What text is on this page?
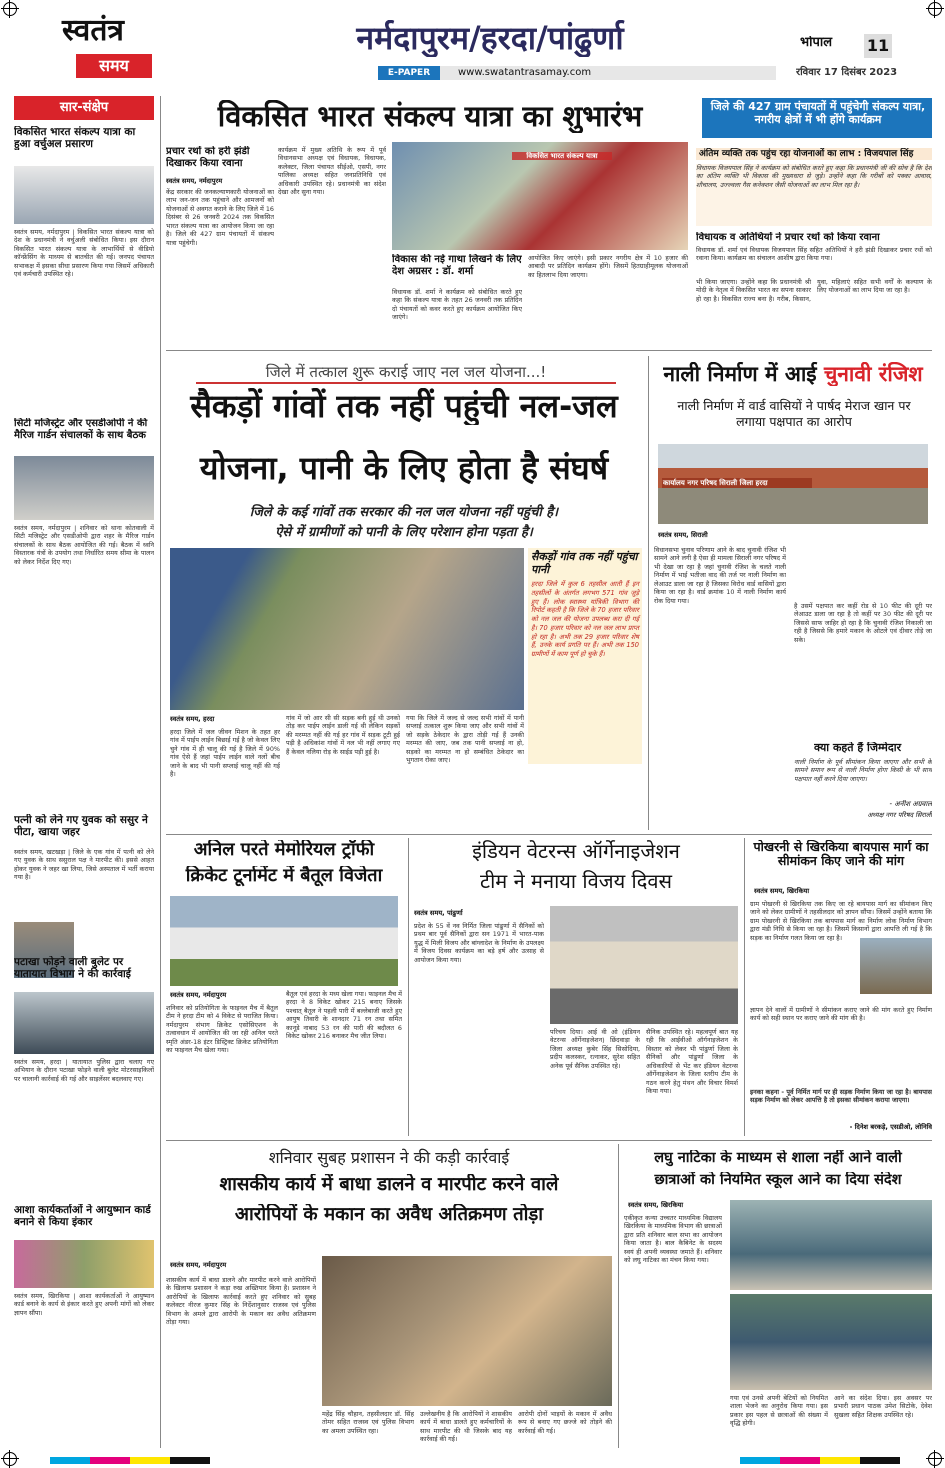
स्वतंत्र
समय
नर्मदापुरम/हरदा/पांढुर्णा
E-PAPER	www.swatantrasamay.com
भोपाल	11
रविवार 17 दिसंबर 2023
सार-संक्षेप
विकसित भारत संकल्प यात्रा का हुआ वर्चुअल प्रसारण
स्वतंत्र समय, नर्मदापुरम | विकसित भारत संकल्प यात्रा को देश के प्रधानमंत्री ने वर्चुअली संबोधित किया। इस दौरान विकसित भारत संकल्प यात्रा के लाभार्थियों से वीडियो कॉन्फ्रेंसिंग के माध्यम से बातचीत की गई। जनपद पंचायत सभाकक्ष में इसका सीधा प्रसारण किया गया जिसमें अधिकारी एवं कर्मचारी उपस्थित रहे।
सिटी मजिस्ट्रेट और एसडीओपी ने की मैरिज गार्डन संचालकों के साथ बैठक
स्वतंत्र समय, नर्मदापुरम | शनिवार को थाना कोतवाली में सिटी मजिस्ट्रेट और एसडीओपी द्वारा शहर के मैरिज गार्डन संचालकों के साथ बैठक आयोजित की गई। बैठक में ध्वनि विस्तारक यंत्रों के उपयोग तथा निर्धारित समय सीमा के पालन को लेकर निर्देश दिए गए।
पत्नी को लेने गए युवक को ससुर ने पीटा, खाया जहर
स्वतंत्र समय, खटखड़ा | जिले के एक गांव में पत्नी को लेने गए युवक के साथ ससुराल पक्ष ने मारपीट की। इससे आहत होकर युवक ने जहर खा लिया, जिसे अस्पताल में भर्ती कराया गया है।
पटाखा फोड़ने वाली बुलेट पर यातायात विभाग ने की कार्रवाई
स्वतंत्र समय, हरदा | यातायात पुलिस द्वारा चलाए गए अभियान के दौरान पटाखा फोड़ने वाली बुलेट मोटरसाइकिलों पर चालानी कार्रवाई की गई और साइलेंसर बदलवाए गए।
आशा कार्यकर्ताओं ने आयुष्मान कार्ड बनाने से किया इंकार
स्वतंत्र समय, खिरकिया | आशा कार्यकर्ताओं ने आयुष्मान कार्ड बनाने के कार्य से इंकार करते हुए अपनी मांगों को लेकर ज्ञापन सौंपा।
विकसित भारत संकल्प यात्रा का शुभारंभ	जिले की 427 ग्राम पंचायतों में पहुंचेगी संकल्प यात्रा, नगरीय क्षेत्रों में भी होंगे कार्यक्रम
प्रचार रथों को हरी झंडी दिखाकर किया रवाना
स्वतंत्र समय, नर्मदापुरम
केंद्र सरकार की जनकल्याणकारी योजनाओं का लाभ जन-जन तक पहुंचाने और आमजनों को योजनाओं से अवगत कराने के लिए जिले में 16 दिसंबर से 26 जनवरी 2024 तक विकसित भारत संकल्प यात्रा का आयोजन किया जा रहा है। जिले की 427 ग्राम पंचायतों में संकल्प यात्रा पहुंचेगी।
कार्यक्रम में मुख्य अतिथि के रूप में पूर्व विधानसभा अध्यक्ष एवं विधायक, विधायक, कलेक्टर, जिला पंचायत सीईओ, एसपी, नगर पालिका अध्यक्ष सहित जनप्रतिनिधि एवं अधिकारी उपस्थित रहे। प्रधानमंत्री का संदेश देखा और सुना गया।
विकसित भारत संकल्प यात्रा
विकास की नई गाथा लिखने के लिए देश अग्रसर : डॉ. शर्मा
विधायक डॉ. शर्मा ने कार्यक्रम को संबोधित करते हुए कहा कि संकल्प यात्रा के तहत 26 जनवरी तक प्रतिदिन दो पंचायतों को कवर करते हुए कार्यक्रम आयोजित किए जाएंगे।
आयोजित किए जाएंगे। इसी प्रकार नगरीय क्षेत्र में 10 हजार की आबादी पर प्रतिदिन कार्यक्रम होंगे। जिसमें हितग्राहीमूलक योजनाओं का हितलाभ दिया जाएगा।
अंतिम व्यक्ति तक पहुंच रहा योजनाओं का लाभ : विजयपाल सिंह
विधायक विजयपाल सिंह ने कार्यक्रम को संबोधित करते हुए कहा कि प्रधानमंत्री जी की सोच है कि देश का अंतिम व्यक्ति भी विकास की मुख्यधारा से जुड़े। उन्होंने कहा कि गरीबों को पक्का आवास, शौचालय, उज्ज्वला गैस कनेक्शन जैसी योजनाओं का लाभ मिल रहा है।
विधायक व अतिथियों ने प्रचार रथों को किया रवाना
विधायक डॉ. शर्मा एवं विधायक विजयपाल सिंह सहित अतिथियों ने हरी झंडी दिखाकर प्रचार रथों को रवाना किया। कार्यक्रम का संचालन आशीष द्वारा किया गया।
भी किया जाएगा। उन्होंने कहा कि प्रधानमंत्री श्री मोदी के नेतृत्व में विकसित भारत का सपना साकार हो रहा है। विकसित राज्य बना है। गरीब, किसान, युवा, महिलाएं सहित सभी वर्गों के कल्याण के लिए योजनाओं का लाभ दिया जा रहा है।
जिले में तत्काल शुरू कराई जाए नल जल योजना...!
सैकड़ों गांवों तक नहीं पहुंची नल-जल
योजना, पानी के लिए होता है संघर्ष
जिले के कई गांवों तक सरकार की नल जल योजना नहीं पहुंची है।
ऐसे में ग्रामीणों को पानी के लिए परेशान होना पड़ता है।
सैकड़ों गांव तक नहीं पहुंचा पानी
हरदा जिले में कुल 6 तहसील आती हैं इन तहसीलों के अंतर्गत लगभग 571 गांव जुड़े हुए हैं। लोक स्वास्थ्य यांत्रिकी विभाग की रिपोर्ट कहती है कि जिले के 70 हजार परिवार को नल जल की योजना उपलब्ध करा दी गई है। 70 हजार परिवार को नल जल लाभ प्राप्त हो रहा है। अभी तक 29 हजार परिवार शेष हैं, उनके कार्य प्रगति पर हैं। अभी तक 150 ग्रामीणों में काम पूर्ण हो चुके हैं।
स्वतंत्र समय, हरदा
हरदा जिले में जल जीवन मिशन के तहत हर गांव में पाईप लाईन बिछाई गई है जो केवल लिए चुने गांव में ही चालू की गई है जिले में 90% गांव ऐसे हैं जहां पाईप लाईन वाले नलों बीच जाने के बाद भी पानी सप्लाई चालू नहीं की गई है।
गांव में जो आर सी सी सड़क बनी हुई थी उनको तोड़ कर पाईप लाईन डाली गई थी लेकिन सड़कों की मरम्मत नहीं की गई हर गांव में सड़क टूटी हुई पड़ी है अधिकांश गांवों में नल भी नहीं लगाए गए हैं केवल नलिया रोड़ के साईड पड़ी हुई है।
गया कि जिले में जल्द से जल्द सभी गांवों में पानी सप्लाई तत्काल शुरू किया जाए और सभी गांवों में जो सड़के ठेकेदार के द्वारा तोड़ी गई हैं उनकी मरम्मत की जाए, जब तक पानी सप्लाई ना हो, सड़को का मरम्मत ना हो सम्बंधित ठेकेदार का भुगतान रोका जाए।
नाली निर्माण में आई चुनावी रंजिश
नाली निर्माण में वार्ड वासियों ने पार्षद मेराज खान पर लगाया पक्षपात का आरोप
कार्यालय नगर परिषद सिराली जिला हरदा
स्वतंत्र समय, सिराली
विधानसभा चुनाव परिणाम आने के बाद चुनावी रंजिश भी सामने आने लगी है ऐसा ही मामला सिराली नगर परिषद में भी देखा जा रहा है जहां चुनावी रंजिश के चलते नाली निर्माण में भाई भतीजा वाद की तर्ज पर नाली निर्माण का लेआउट डाला जा रहा है जिसका विरोध वार्ड वासियों द्वारा किया जा रहा है। वार्ड क्रमांक 10 में नाली निर्माण कार्य रोक दिया गया।
है उसमें पक्षपात कर कहीं रोड से 10 फीट की दूरी पर लेआउट डाला जा रहा है तो कहीं पर 30 फीट की दूरी पर जिससे साफ जाहिर हो रहा है कि चुनावी रंजिश निकाली जा रही है जिससे कि हमारे मकान के ओटले एवं दीवार तोड़े जा सके।
क्या कहते हैं जिम्मेदार
नाली निर्माण के पूर्व सीमांकन किया जाएगा और सभी के सामने समान रूप से नाली निर्माण होगा किसी के भी साथ पक्षपात नहीं करने दिया जाएगा।
- अनीश अग्रवाल
अध्यक्ष नगर परिषद सिराली
अनिल परते मेमोरियल ट्रॉफी
क्रिकेट टूर्नामेंट में बैतूल विजेता
स्वतंत्र समय, नर्मदापुरम
शनिवार को प्रतियोगिता के फाइनल मैच में बैतूल टीम ने हरदा टीम को 4 विकेट से पराजित किया। नर्मदापुरम संभाग क्रिकेट एसोसिएशन के तत्वावधान में आयोजित की जा रही अनिल परते स्मृति अंडर-18 इंटर डिस्ट्रिक्ट क्रिकेट प्रतियोगिता का फाइनल मैच खेला गया।
बैतूल एवं हरदा के मध्य खेला गया। फाइनल मैच में हरदा ने 8 विकेट खोकर 215 बनाए जिसके पश्चात् बैतूल ने पहली पारी में बल्लेबाजी करते हुए आयुष तिवारी के शानदार 71 रन तथा समित कानूडे नाबाद 53 रन की पारी की बदौलत 6 विकेट खोकर 216 बनाकर मैच जीत लिया।
इंडियन वेटरन्स ऑर्गेनाइजेशन
टीम ने मनाया विजय दिवस
स्वतंत्र समय, पांढुर्णा
प्रदेश के 55 वें नव निर्मित जिला पांढुर्णा में सैनिकों को प्रथम बार पूर्व सैनिकों द्वारा सन 1971 में भारत-पाक युद्ध में मिली विजय और बांग्लादेश के निर्माण के उपलक्ष्य में विजय दिवस कार्यक्रम का बड़े हर्ष और उत्साह से आयोजन किया गया।
परिचय दिया। आई वी ओ (इंडियन वेटरन्स ऑर्गेनाइजेशन) छिंदवाड़ा के जिला अध्यक्ष कुबेर सिंह सिसोदिया, प्रदीप कलस्कर, रत्नाकर, सुरेश सहित अनेक पूर्व सैनिक उपस्थित रहे।
सैनिक उपस्थित रहे। महत्वपूर्ण बात यह रही कि आईवीओ ऑर्गनाइजेशन के विस्तार को लेकर भी पांढुर्णा जिला के सैनिकों और पांढुर्णा जिला के अधिकारियों से भेंट कर इंडियन वेटरन्स ऑर्गेनाइजेशन के जिला स्तरीय टीम के गठन करने हेतु मंथन और विचार विमर्श किया गया।
पोखरनी से खिरकिया बायपास मार्ग का सीमांकन किए जाने की मांग
स्वतंत्र समय, खिरकिया
ग्राम पोखरनी से खिरकिया तक किए जा रहे बायपास मार्ग का सीमांकन किए जाने को लेकर ग्रामीणों ने तहसीलदार को ज्ञापन सौंपा। जिसमें उन्होंने बताया कि ग्राम पोखरनी से खिरकिया तक बायपास मार्ग का निर्माण लोक निर्माण विभाग द्वारा मंडी निधि से किया जा रहा है। जिसमें किसानों द्वारा आपत्ति ली गई है कि सड़क का निर्माण गलत किया जा रहा है।
ज्ञापन देने वालों में ग्रामीणों ने सीमांकन कराए जाने की मांग करते हुए निर्माण कार्य को सही स्थान पर कराए जाने की मांग की है।
इनका कहना - पूर्व निर्मित मार्ग पर ही सड़क निर्माण किया जा रहा है। बायपास सड़क निर्माण को लेकर आपत्ति है तो इसका सीमांकन कराया जाएगा।
- दिनेश बरकड़े, एसडीओ, लोनिवि
शनिवार सुबह प्रशासन ने की कड़ी कार्रवाई
शासकीय कार्य में बाधा डालने व मारपीट करने वाले
आरोपियों के मकान का अवैध अतिक्रमण तोड़ा
स्वतंत्र समय, नर्मदापुरम
शासकीय कार्य में बाधा डालने और मारपीट करने वाले आरोपियों के खिलाफ प्रशासन ने कड़ा रुख अख्तियार किया है। प्रशासन ने आरोपियों के खिलाफ कार्रवाई करते हुए शनिवार को सुबह कलेक्टर नीरज कुमार सिंह के निर्देशानुसार राजस्व एवं पुलिस विभाग के अमले द्वारा आरोपी के मकान का अवैध अतिक्रमण तोड़ा गया।
महेंद्र सिंह चौहान, तहसीलदार डॉ. सिंह तोमर सहित राजस्व एवं पुलिस विभाग का अमला उपस्थित रहा।
उल्लेखनीय है कि आरोपियों ने शासकीय कार्य में बाधा डालते हुए कर्मचारियों के साथ मारपीट की थी जिसके बाद यह कार्रवाई की गई।
आरोपी दोनों भाइयों के मकान में अवैध रूप से बनाए गए छज्जे को तोड़ने की कार्रवाई की गई।
लघु नाटिका के माध्यम से शाला नहीं आने वाली
छात्राओं को नियमित स्कूल आने का दिया संदेश
स्वतंत्र समय, खिरकिया
एकीकृत कन्या उच्चतर माध्यमिक विद्यालय खिरकिया के माध्यमिक विभाग की छात्राओं द्वारा प्रति शनिवार बाल सभा का आयोजन किया जाता है। बाल कैबिनेट के सदस्य स्वयं ही अपनी व्यवस्था जमाते हैं। शनिवार को लघु नाटिका का मंचन किया गया।
गया एवं उनसे अपनी बेटियों को नियमित शाला भेजने का अनुरोध किया गया। इस प्रकार इस पहल से छात्राओं की संख्या में वृद्धि होगी।
आने का संदेश दिया। इस अवसर पर प्रभारी प्रधान पाठक उमेश सिटोके, देवेश सुखला सहित शिक्षक उपस्थित रहे।
